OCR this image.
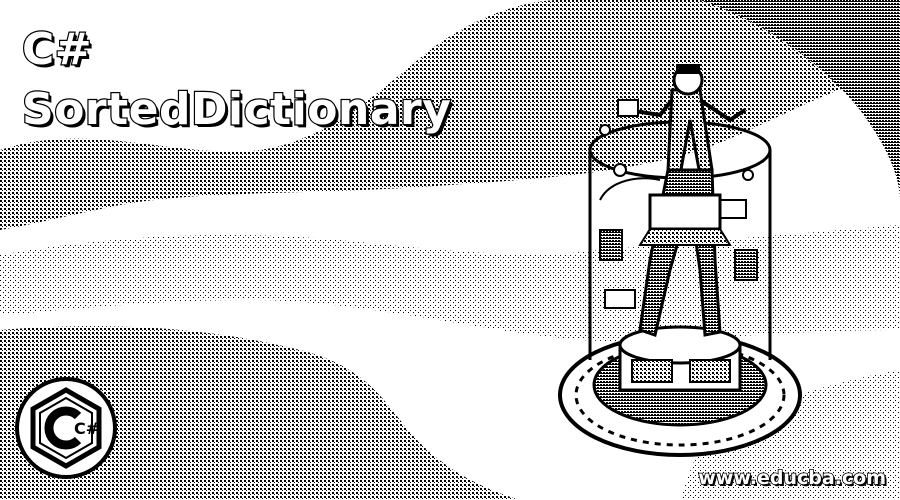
C#
SortedDictionary
C#
www.educba.com
